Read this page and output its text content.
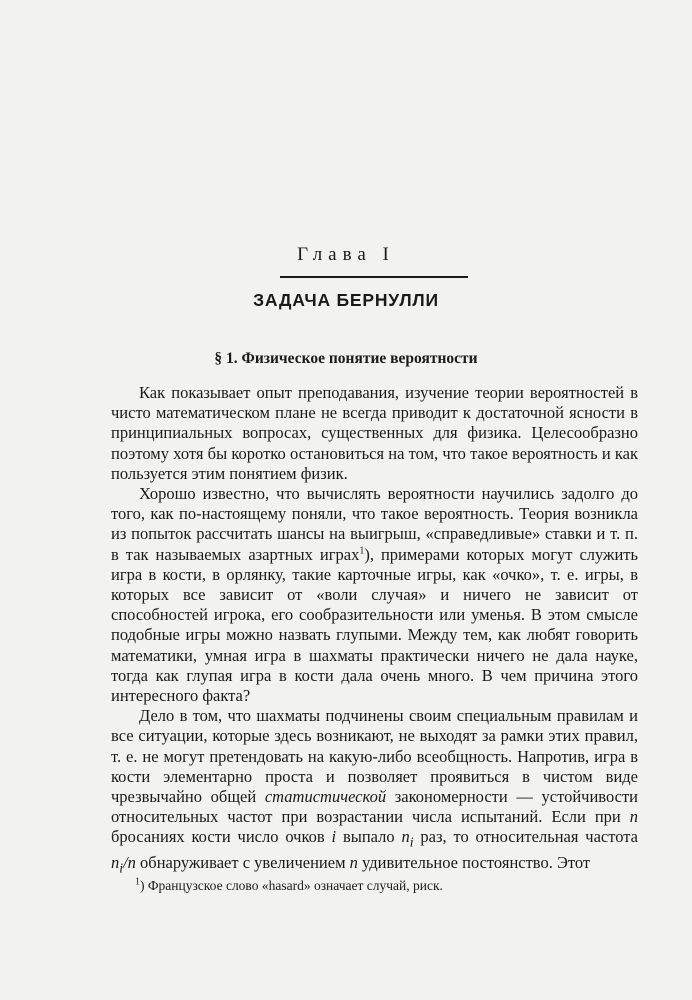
Глава I
ЗАДАЧА БЕРНУЛЛИ
§ 1. Физическое понятие вероятности

Как показывает опыт преподавания, изучение теории вероятностей в чисто математическом плане не всегда приводит к достаточной ясности в принципиальных вопросах, существенных для физика. Целесообразно поэтому хотя бы коротко остановиться на том, что такое вероятность и как пользуется этим понятием физик.

Хорошо известно, что вычислять вероятности научились задолго до того, как по-настоящему поняли, что такое вероятность. Теория возникла из попыток рассчитать шансы на выигрыш, «справедливые» ставки и т. п. в так называемых азартных играх$^1$), примерами которых могут служить игра в кости, в орлянку, такие карточные игры, как «очко», т. е. игры, в которых все зависит от «воли случая» и ничего не зависит от способностей игрока, его сообразительности или уменья. В этом смысле подобные игры можно назвать глупыми. Между тем, как любят говорить математики, умная игра в шахматы практически ничего не дала науке, тогда как глупая игра в кости дала очень много. В чем причина этого интересного факта?

Дело в том, что шахматы подчинены своим специальным правилам и все ситуации, которые здесь возникают, не выходят за рамки этих правил, т. е. не могут претендовать на какую-либо всеобщность. Напротив, игра в кости элементарно проста и позволяет проявиться в чистом виде чрезвычайно общей статистической закономерности — устойчивости относительных частот при возрастании числа испытаний. Если при n бросаниях кости число очков i выпало $n_i$ раз, то относительная частота $n_i/n$ обнаруживает с увеличением n удивительное постоянство. Этот

$^1$) Французское слово «hasard» означает случай, риск.
